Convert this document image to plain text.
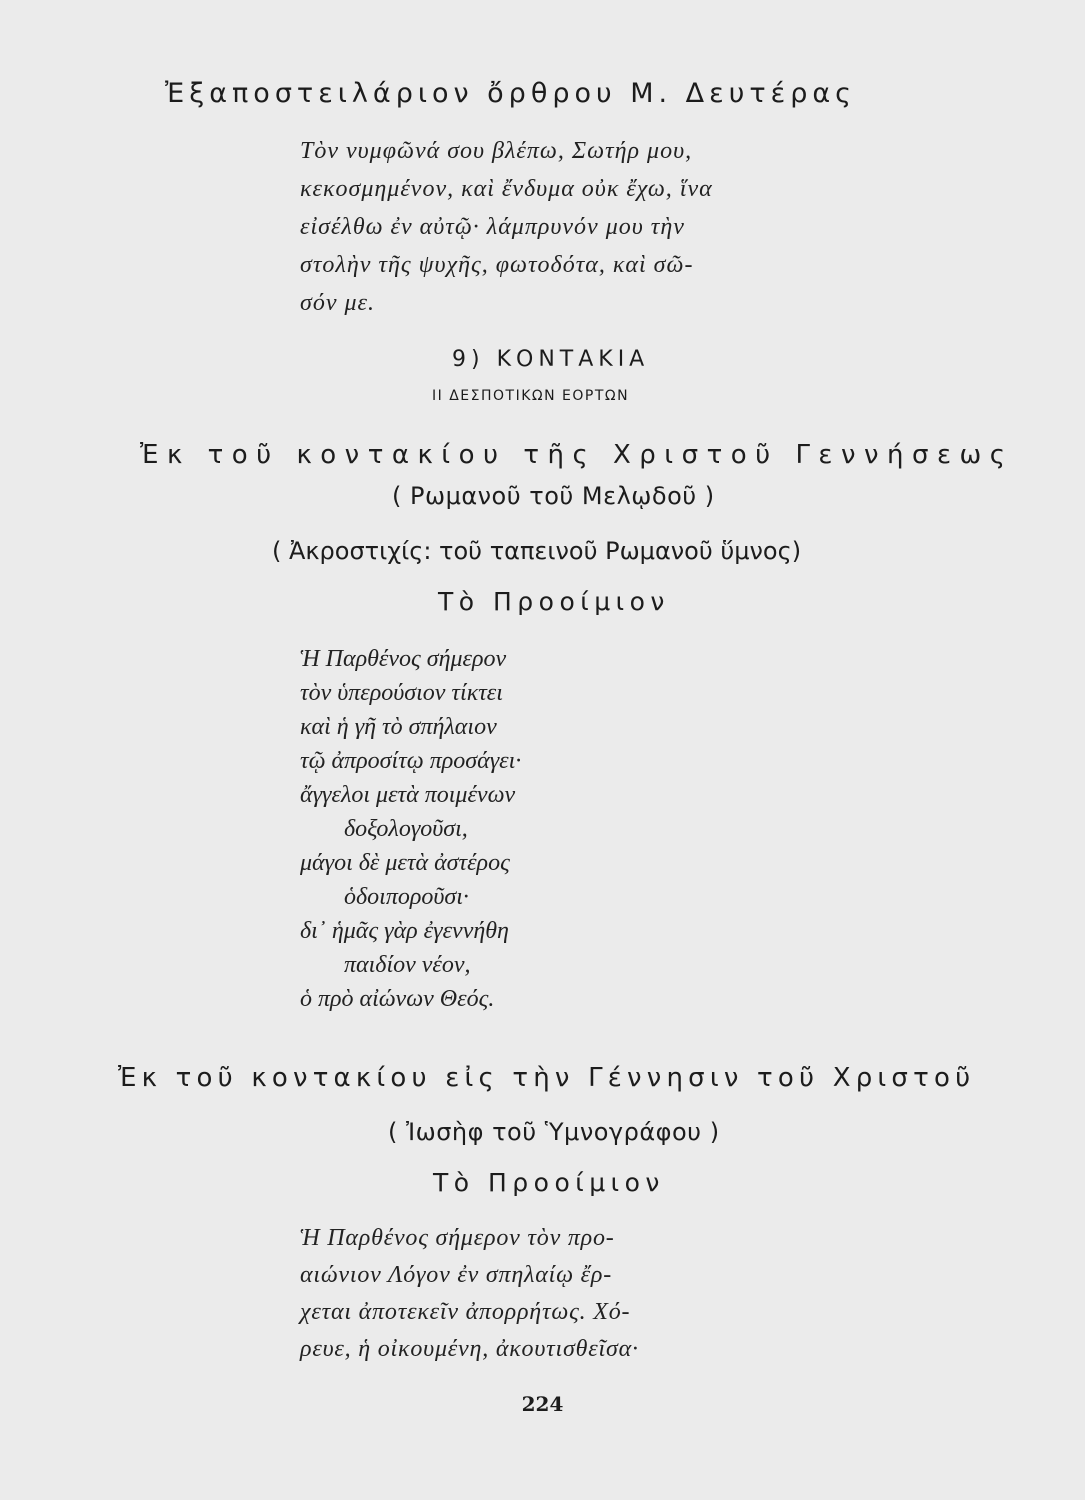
Ἐξαποστειλάριον ὄρθρου Μ. Δευτέρας
Τὸν νυμφῶνά σου βλέπω, Σωτήρ μου,
κεκοσμημένον, καὶ ἔνδυμα οὐκ ἔχω, ἵνα
εἰσέλθω ἐν αὐτῷ· λάμπρυνόν μου τὴν
στολὴν τῆς ψυχῆς, φωτοδότα, καὶ σῶ-
σόν με.
9) ΚΟΝΤΑΚΙΑ
ΙΙ ΔΕΣΠΟΤΙΚΩΝ ΕΟΡΤΩΝ
Ἐκ τοῦ κοντακίου τῆς Χριστοῦ Γεννήσεως
( Ρωμανοῦ τοῦ Μελῳδοῦ )
( Ἀκροστιχίς: τοῦ ταπεινοῦ Ρωμανοῦ ὕμνος)
Τὸ Προοίμιον
Ἡ Παρθένος σήμερον
τὸν ὑπερούσιον τίκτει
καὶ ἡ γῆ τὸ σπήλαιον
τῷ ἀπροσίτῳ προσάγει·
ἄγγελοι μετὰ ποιμένων
δοξολογοῦσι,
μάγοι δὲ μετὰ ἀστέρος
ὁδοιποροῦσι·
δι᾿ ἡμᾶς γὰρ ἐγεννήθη
παιδίον νέον,
ὁ πρὸ αἰώνων Θεός.
Ἐκ τοῦ κοντακίου εἰς τὴν Γέννησιν τοῦ Χριστοῦ
( Ἰωσὴφ τοῦ Ὑμνογράφου )
Τὸ Προοίμιον
Ἡ Παρθένος σήμερον τὸν προ-
αιώνιον Λόγον ἐν σπηλαίῳ ἔρ-
χεται ἀποτεκεῖν ἀπορρήτως. Χό-
ρευε, ἡ οἰκουμένη, ἀκουτισθεῖσα·
224
